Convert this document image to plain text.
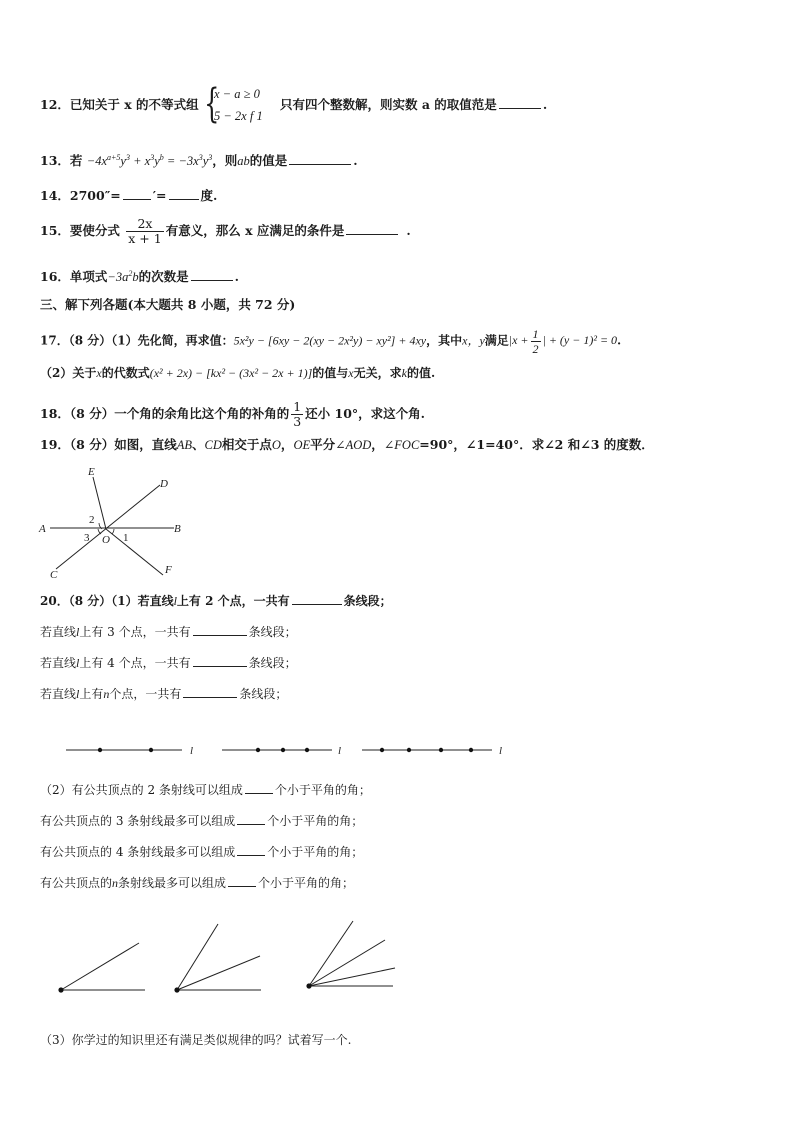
12．已知关于 x 的不等式组 {
x − a ≥ 0
5 − 2x f 1
只有四个整数解，则实数 a 的取值范是	.
13．若 $-4x^{a+5}y^3 + x^3y^b = -3x^3y^3$，则ab的值是	.
14．2700″=	′=	度.
15．要使分式 $\frac{2x}{x + 1}$ 有意义，那么 x 应满足的条件是	.
16．单项式$-3a^2b$的次数是	.
三、解下列各题(本大题共 8 小题，共 72 分)
17．（8 分）（1）先化简，再求值：5x²y − [6xy − 2(xy − 2x²y) − xy²] + 4xy，其中x，y满足$|x + \frac{1}{2}$ | + (y − 1)² = 0.
（2）关于x的代数式(x² + 2x) − [kx² − (3x² − 2x + 1)]的值与x无关，求k的值.
18．（8 分）一个角的余角比这个角的补角的 $\frac{1}{3}$ 还小 10°，求这个角.
19．（8 分）如图，直线AB、CD相交于点O，OE平分∠AOD，∠FOC=90°，∠1=40°．求∠2 和∠3 的度数．
E
D
A	B
C	F
O 1
2
3
20．（8 分）（1）若直线l上有 2 个点，一共有	条线段；
若直线l上有 3 个点，一共有	条线段；
若直线l上有 4 个点，一共有	条线段；
若直线l上有n个点，一共有	条线段；
l	l	l
（2）有公共顶点的 2 条射线可以组成	个小于平角的角；
有公共顶点的 3 条射线最多可以组成	个小于平角的角；
有公共顶点的 4 条射线最多可以组成	个小于平角的角；
有公共顶点的n条射线最多可以组成	个小于平角的角；
（3）你学过的知识里还有满足类似规律的吗？试着写一个.
